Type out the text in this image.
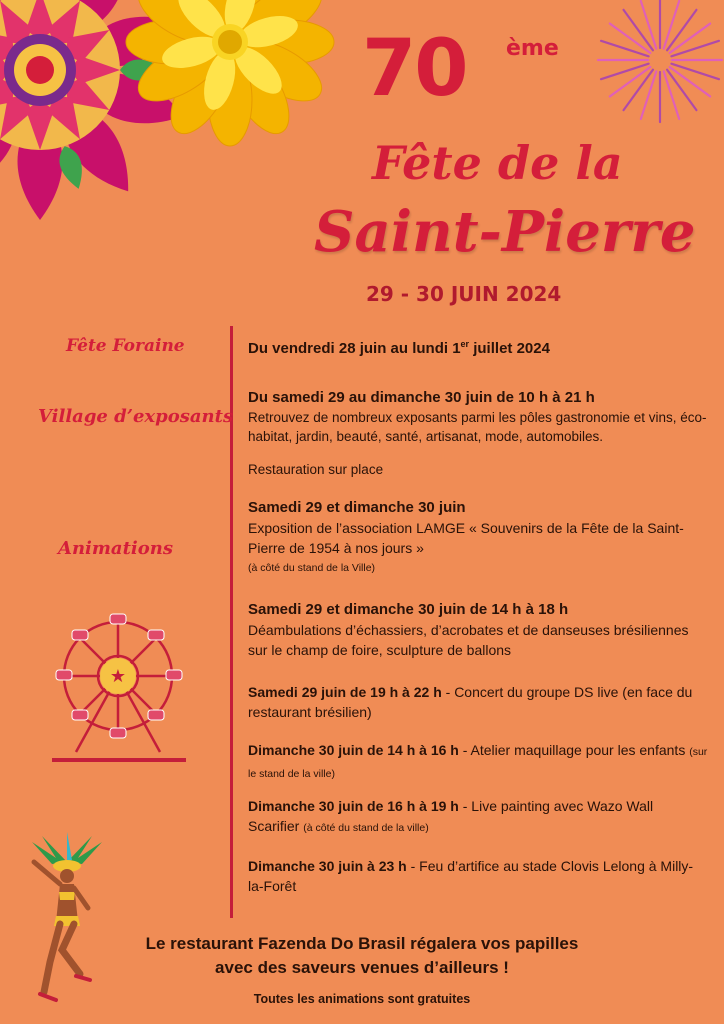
70 ème
Fête de la
Saint-Pierre
29 - 30 JUIN 2024
Fête Foraine
Village d’exposants
Animations
★
Du vendredi 28 juin au lundi 1er juillet 2024
Du samedi 29 au dimanche 30 juin de 10 h à 21 h
Retrouvez de nombreux exposants parmi les pôles gastronomie et vins, éco-habitat, jardin, beauté, santé, artisanat, mode, automobiles.
Restauration sur place
Samedi 29 et dimanche 30 juin
Exposition de l’association LAMGE « Souvenirs de la Fête de la Saint-Pierre de 1954 à nos jours »
(à côté du stand de la Ville)
Samedi 29 et dimanche 30 juin de 14 h à 18 h
Déambulations d’échassiers, d’acrobates et de danseuses brésiliennes sur le champ de foire, sculpture de ballons
Samedi 29 juin de 19 h à 22 h - Concert du groupe DS live (en face du restaurant brésilien)
Dimanche 30 juin de 14 h à 16 h - Atelier maquillage pour les enfants (sur le stand de la ville)
Dimanche 30 juin de 16 h à 19 h - Live painting avec Wazo Wall Scarifier (à côté du stand de la ville)
Dimanche 30 juin à 23 h - Feu d’artifice au stade Clovis Lelong à Milly-la-Forêt
Le restaurant Fazenda Do Brasil régalera vos papilles
avec des saveurs venues d’ailleurs !
Toutes les animations sont gratuites
